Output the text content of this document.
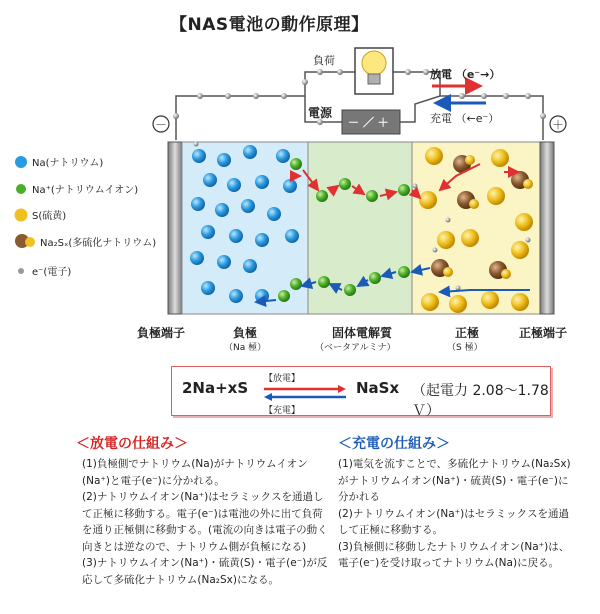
【NAS電池の動作原理】
負荷
電源
－ ／ ＋
放電 （e⁻→）
充電 （←e⁻）
－	＋
Na(ナトリウム)
Na⁺(ナトリウムイオン)
S(硫黄)
Na₂Sₓ(多硫化ナトリウム)
e⁻(電子)
負極端子	負極
（Na 極）
固体電解質
（ベータアルミナ）
正極
（S 極）
正極端子
2Na+xS 【放電】
【充電】
NaSx （起電力 2.08～1.78Ｖ）
＜放電の仕組み＞

(1)負極側でナトリウム(Na)がナトリウムイオン(Na⁺)と電子(e⁻)に分かれる。

(2)ナトリウムイオン(Na⁺)はセラミックスを通過して正極に移動する。電子(e⁻)は電池の外に出て負荷を通り正極側に移動する。(電流の向きは電子の動く向きとは逆なので、ナトリウム側が負極になる)

(3)ナトリウムイオン(Na⁺)・硫黄(S)・電子(e⁻)が反応して多硫化ナトリウム(Na₂Sx)になる。

＜充電の仕組み＞

(1)電気を流すことで、多硫化ナトリウム(Na₂Sx)がナトリウムイオン(Na⁺)・硫黄(S)・電子(e⁻)に分かれる

(2)ナトリウムイオン(Na⁺)はセラミックスを通過して正極に移動する。

(3)負極側に移動したナトリウムイオン(Na⁺)は、電子(e⁻)を受け取ってナトリウム(Na)に戻る。
